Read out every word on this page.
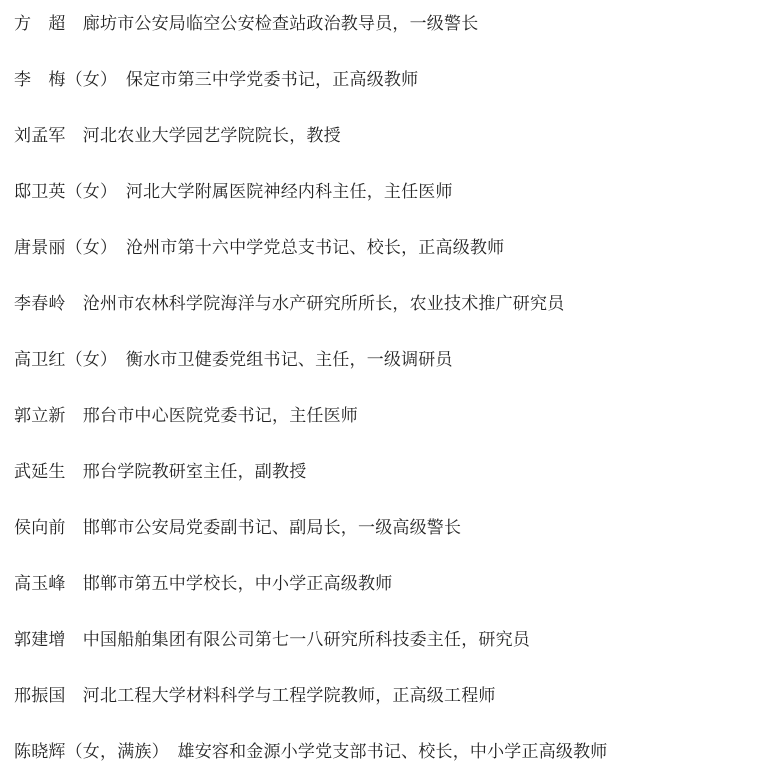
方　超　廊坊市公安局临空公安检查站政治教导员，一级警长
李　梅（女）　保定市第三中学党委书记，正高级教师
刘孟军　河北农业大学园艺学院院长，教授
邸卫英（女）　河北大学附属医院神经内科主任，主任医师
唐景丽（女）　沧州市第十六中学党总支书记、校长，正高级教师
李春岭　沧州市农林科学院海洋与水产研究所所长，农业技术推广研究员
高卫红（女）　衡水市卫健委党组书记、主任，一级调研员
郭立新　邢台市中心医院党委书记，主任医师
武延生　邢台学院教研室主任，副教授
侯向前　邯郸市公安局党委副书记、副局长，一级高级警长
高玉峰　邯郸市第五中学校长，中小学正高级教师
郭建增　中国船舶集团有限公司第七一八研究所科技委主任，研究员
邢振国　河北工程大学材料科学与工程学院教师，正高级工程师
陈晓辉（女，满族）　雄安容和金源小学党支部书记、校长，中小学正高级教师
